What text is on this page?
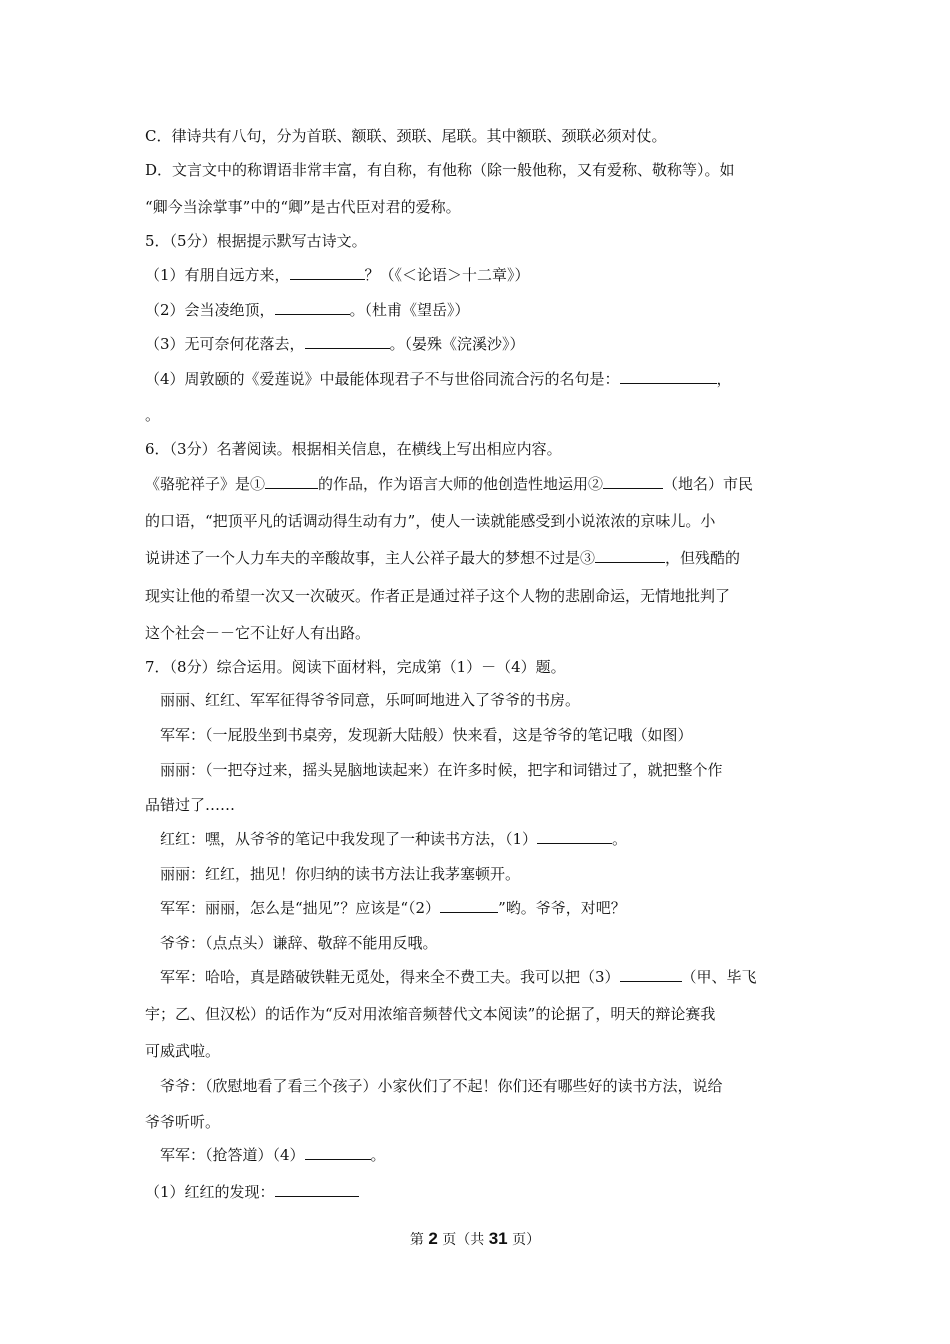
C．律诗共有八句，分为首联、额联、颈联、尾联。其中额联、颈联必须对仗。
D．文言文中的称谓语非常丰富，有自称，有他称（除一般他称，又有爱称、敬称等）。如
“卿今当涂掌事”中的“卿”是古代臣对君的爱称。
5．（5分）根据提示默写古诗文。
（1）有朋自远方来，	？（《＜论语＞十二章》）
（2）会当凌绝顶，	。（杜甫《望岳》）
（3）无可奈何花落去，	。（晏殊《浣溪沙》）
（4）周敦颐的《爱莲说》中最能体现君子不与世俗同流合污的名句是：	，
。
6．（3分）名著阅读。根据相关信息，在横线上写出相应内容。
《骆驼祥子》是①	的作品，作为语言大师的他创造性地运用②	（地名）市民
的口语，“把顶平凡的话调动得生动有力”，使人一读就能感受到小说浓浓的京味儿。小
说讲述了一个人力车夫的辛酸故事，主人公祥子最大的梦想不过是③	，但残酷的
现实让他的希望一次又一次破灭。作者正是通过祥子这个人物的悲剧命运，无情地批判了
这个社会－－它不让好人有出路。
7．（8分）综合运用。阅读下面材料，完成第（1）－（4）题。
丽丽、红红、军军征得爷爷同意，乐呵呵地进入了爷爷的书房。
军军：（一屁股坐到书桌旁，发现新大陆般）快来看，这是爷爷的笔记哦（如图）
丽丽：（一把夺过来，摇头晃脑地读起来）在许多时候，把字和词错过了，就把整个作
品错过了……
红红：嘿，从爷爷的笔记中我发现了一种读书方法，（1）	。
丽丽：红红，拙见！你归纳的读书方法让我茅塞顿开。
军军：丽丽，怎么是“拙见”？应该是“（2）	”哟。爷爷，对吧？
爷爷：（点点头）谦辞、敬辞不能用反哦。
军军：哈哈，真是踏破铁鞋无觅处，得来全不费工夫。我可以把（3）	（甲、毕飞
宇；乙、但汉松）的话作为“反对用浓缩音频替代文本阅读”的论据了，明天的辩论赛我
可威武啦。
爷爷：（欣慰地看了看三个孩子）小家伙们了不起！你们还有哪些好的读书方法，说给
爷爷听听。
军军：（抢答道）（4）	。
（1）红红的发现：
第 2 页（共 31 页）
